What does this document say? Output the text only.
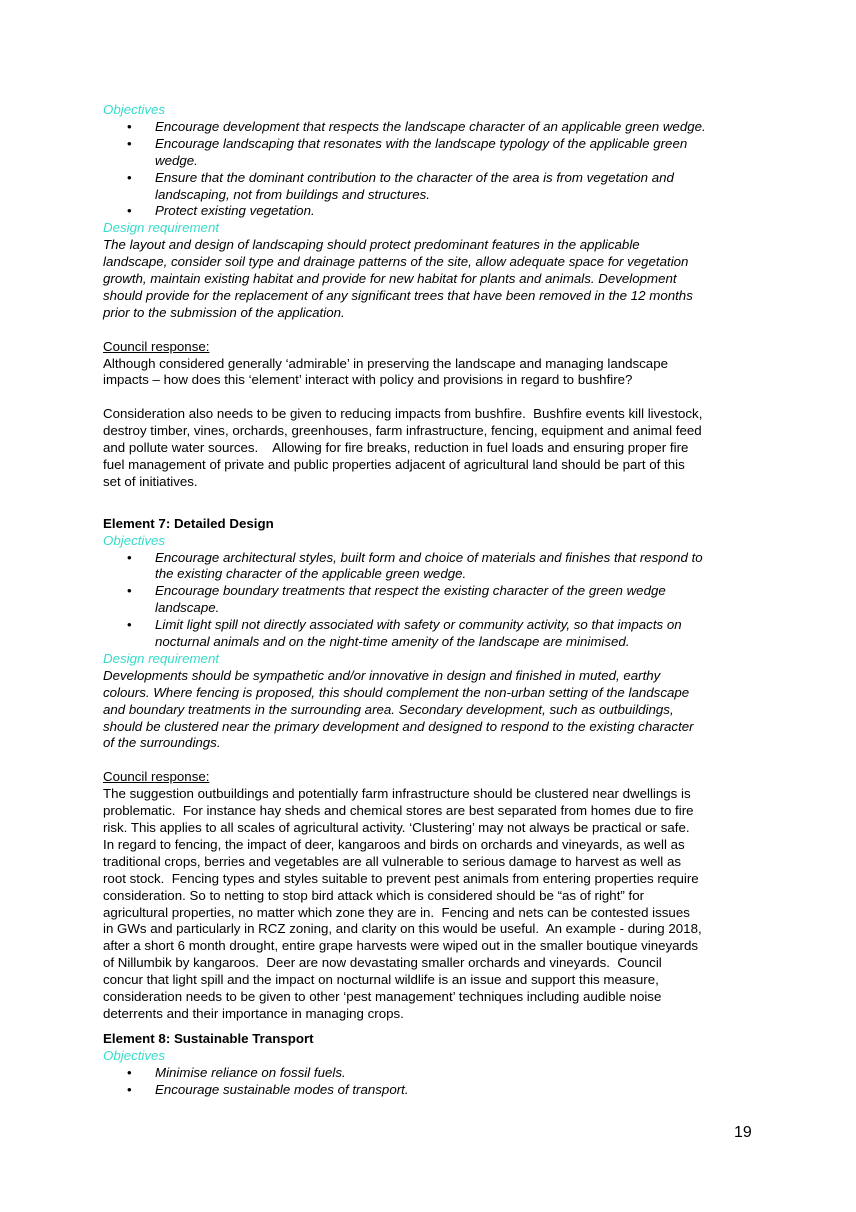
Objectives
•	Encourage development that respects the landscape character of an applicable green wedge.
•	Encourage landscaping that resonates with the landscape typology of the applicable green
wedge.
•	Ensure that the dominant contribution to the character of the area is from vegetation and
landscaping, not from buildings and structures.
•	Protect existing vegetation.
Design requirement
The layout and design of landscaping should protect predominant features in the applicable
landscape, consider soil type and drainage patterns of the site, allow adequate space for vegetation
growth, maintain existing habitat and provide for new habitat for plants and animals. Development
should provide for the replacement of any significant trees that have been removed in the 12 months
prior to the submission of the application.
Council response:
Although considered generally ‘admirable’ in preserving the landscape and managing landscape
impacts – how does this ‘element’ interact with policy and provisions in regard to bushfire?
Consideration also needs to be given to reducing impacts from bushfire.  Bushfire events kill livestock,
destroy timber, vines, orchards, greenhouses, farm infrastructure, fencing, equipment and animal feed
and pollute water sources.    Allowing for fire breaks, reduction in fuel loads and ensuring proper fire
fuel management of private and public properties adjacent of agricultural land should be part of this
set of initiatives.
Element 7: Detailed Design
Objectives
•	Encourage architectural styles, built form and choice of materials and finishes that respond to
the existing character of the applicable green wedge.
•	Encourage boundary treatments that respect the existing character of the green wedge
landscape.
•	Limit light spill not directly associated with safety or community activity, so that impacts on
nocturnal animals and on the night-time amenity of the landscape are minimised.
Design requirement
Developments should be sympathetic and/or innovative in design and finished in muted, earthy
colours. Where fencing is proposed, this should complement the non-urban setting of the landscape
and boundary treatments in the surrounding area. Secondary development, such as outbuildings,
should be clustered near the primary development and designed to respond to the existing character
of the surroundings.
Council response:
The suggestion outbuildings and potentially farm infrastructure should be clustered near dwellings is
problematic.  For instance hay sheds and chemical stores are best separated from homes due to fire
risk. This applies to all scales of agricultural activity. ‘Clustering’ may not always be practical or safe.
In regard to fencing, the impact of deer, kangaroos and birds on orchards and vineyards, as well as
traditional crops, berries and vegetables are all vulnerable to serious damage to harvest as well as
root stock.  Fencing types and styles suitable to prevent pest animals from entering properties require
consideration. So to netting to stop bird attack which is considered should be “as of right” for
agricultural properties, no matter which zone they are in.  Fencing and nets can be contested issues
in GWs and particularly in RCZ zoning, and clarity on this would be useful.  An example - during 2018,
after a short 6 month drought, entire grape harvests were wiped out in the smaller boutique vineyards
of Nillumbik by kangaroos.  Deer are now devastating smaller orchards and vineyards.  Council
concur that light spill and the impact on nocturnal wildlife is an issue and support this measure,
consideration needs to be given to other ‘pest management’ techniques including audible noise
deterrents and their importance in managing crops.
Element 8: Sustainable Transport
Objectives
•	Minimise reliance on fossil fuels.
•	Encourage sustainable modes of transport.
19
